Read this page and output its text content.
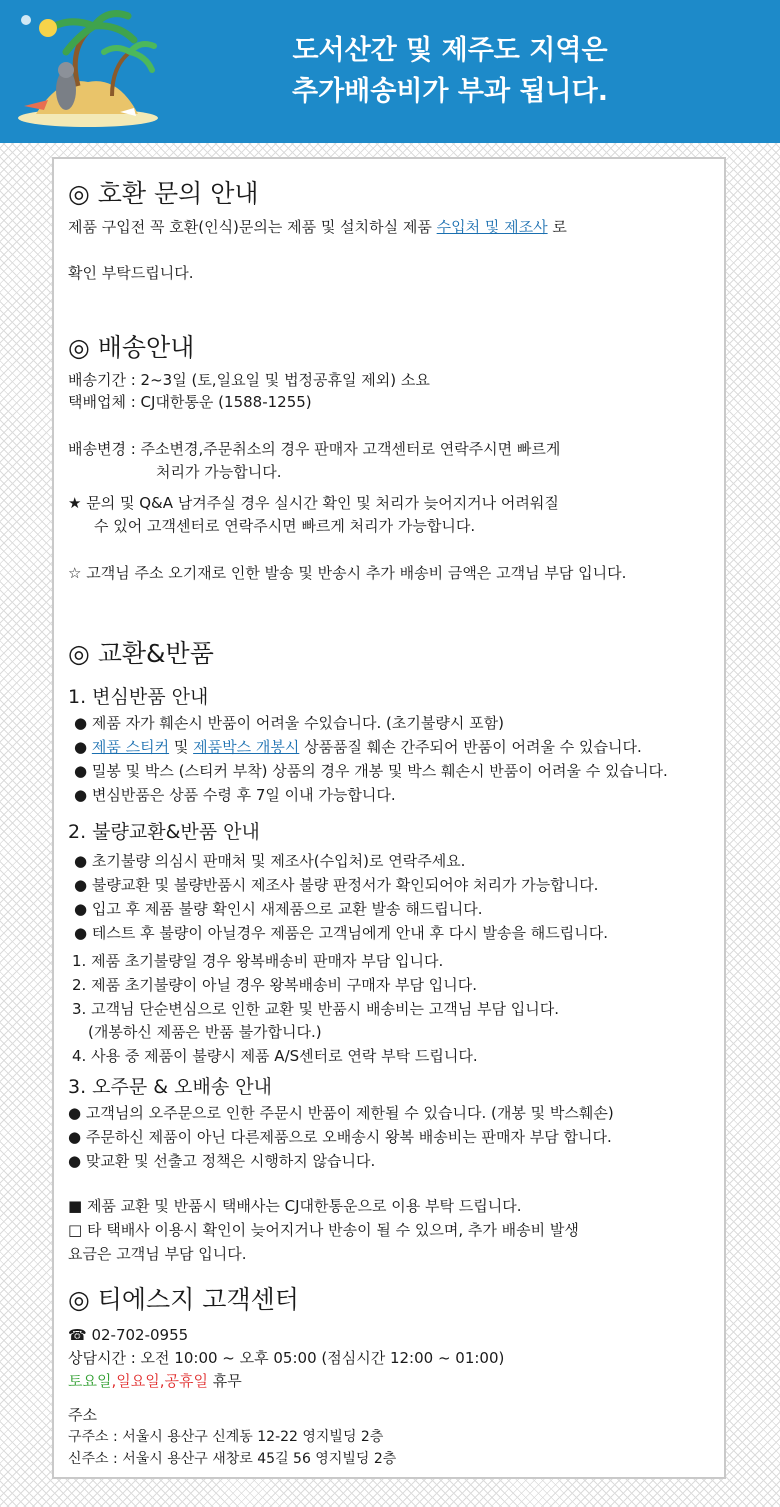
도서산간 및 제주도 지역은
추가배송비가 부과 됩니다.
◎ 호환 문의 안내
제품 구입전 꼭 호환(인식)문의는 제품 및 설치하실 제품 수입처 및 제조사 로
확인 부탁드립니다.
◎ 배송안내
배송기간 : 2~3일 (토,일요일 및 법정공휴일 제외) 소요
택배업체 : CJ대한통운 (1588-1255)
배송변경 : 주소변경,주문취소의 경우 판매자 고객센터로 연락주시면 빠르게
처리가 가능합니다.
★ 문의 및 Q&A 남겨주실 경우 실시간 확인 및 처리가 늦어지거나 어려워질
수 있어 고객센터로 연락주시면 빠르게 처리가 가능합니다.
☆ 고객님 주소 오기재로 인한 발송 및 반송시 추가 배송비 금액은 고객님 부담 입니다.
◎ 교환&반품
1. 변심반품 안내
● 제품 자가 훼손시 반품이 어려울 수있습니다. (초기불량시 포함)
● 제품 스티커 및 제품박스 개봉시 상품품질 훼손 간주되어 반품이 어려울 수 있습니다.
● 밀봉 및 박스 (스티커 부착) 상품의 경우 개봉 및 박스 훼손시 반품이 어려울 수 있습니다.
● 변심반품은 상품 수령 후 7일 이내 가능합니다.
2. 불량교환&반품 안내
● 초기불량 의심시 판매처 및 제조사(수입처)로 연락주세요.
● 불량교환 및 불량반품시 제조사 불량 판정서가 확인되어야 처리가 가능합니다.
● 입고 후 제품 불량 확인시 새제품으로 교환 발송 해드립니다.
● 테스트 후 불량이 아닐경우 제품은 고객님에게 안내 후 다시 발송을 해드립니다.
1. 제품 초기불량일 경우 왕복배송비 판매자 부담 입니다.
2. 제품 초기불량이 아닐 경우 왕복배송비 구매자 부담 입니다.
3. 고객님 단순변심으로 인한 교환 및 반품시 배송비는 고객님 부담 입니다.
(개봉하신 제품은 반품 불가합니다.)
4. 사용 중 제품이 불량시 제품 A/S센터로 연락 부탁 드립니다.
3. 오주문 & 오배송 안내
● 고객님의 오주문으로 인한 주문시 반품이 제한될 수 있습니다. (개봉 및 박스훼손)
● 주문하신 제품이 아닌 다른제품으로 오배송시 왕복 배송비는 판매자 부담 합니다.
● 맞교환 및 선출고 정책은 시행하지 않습니다.
■ 제품 교환 및 반품시 택배사는 CJ대한통운으로 이용 부탁 드립니다.
□ 타 택배사 이용시 확인이 늦어지거나 반송이 될 수 있으며, 추가 배송비 발생
요금은 고객님 부담 입니다.
◎ 티에스지 고객센터
☎ 02-702-0955
상담시간 : 오전 10:00 ~ 오후 05:00 (점심시간 12:00 ~ 01:00)
토요일,일요일,공휴일 휴무
주소
구주소 : 서울시 용산구 신계동 12-22 영지빌딩 2층
신주소 : 서울시 용산구 새창로 45길 56 영지빌딩 2층
